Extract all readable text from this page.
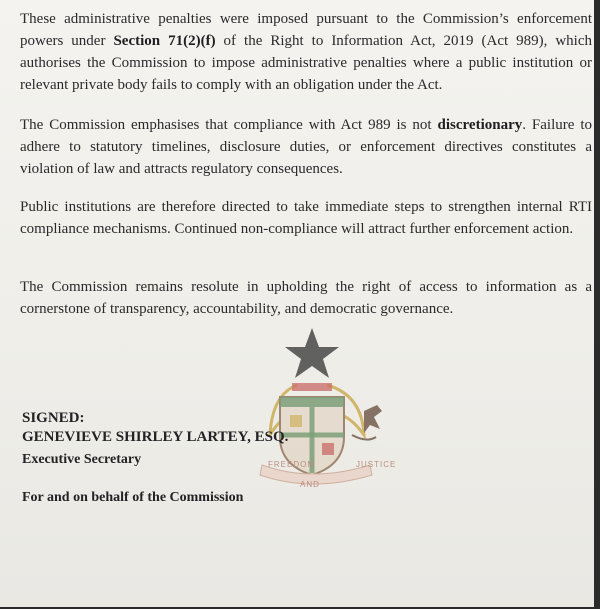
These administrative penalties were imposed pursuant to the Commission’s enforcement powers under Section 71(2)(f) of the Right to Information Act, 2019 (Act 989), which authorises the Commission to impose administrative penalties where a public institution or relevant private body fails to comply with an obligation under the Act.

The Commission emphasises that compliance with Act 989 is not discretionary. Failure to adhere to statutory timelines, disclosure duties, or enforcement directives constitutes a violation of law and attracts regulatory consequences.

Public institutions are therefore directed to take immediate steps to strengthen internal RTI compliance mechanisms. Continued non-compliance will attract further enforcement action.

The Commission remains resolute in upholding the right of access to information as a cornerstone of transparency, accountability, and democratic governance.

FREEDOM	JUSTICE
AND

SIGNED:

GENEVIEVE SHIRLEY LARTEY, ESQ.

Executive Secretary

For and on behalf of the Commission
